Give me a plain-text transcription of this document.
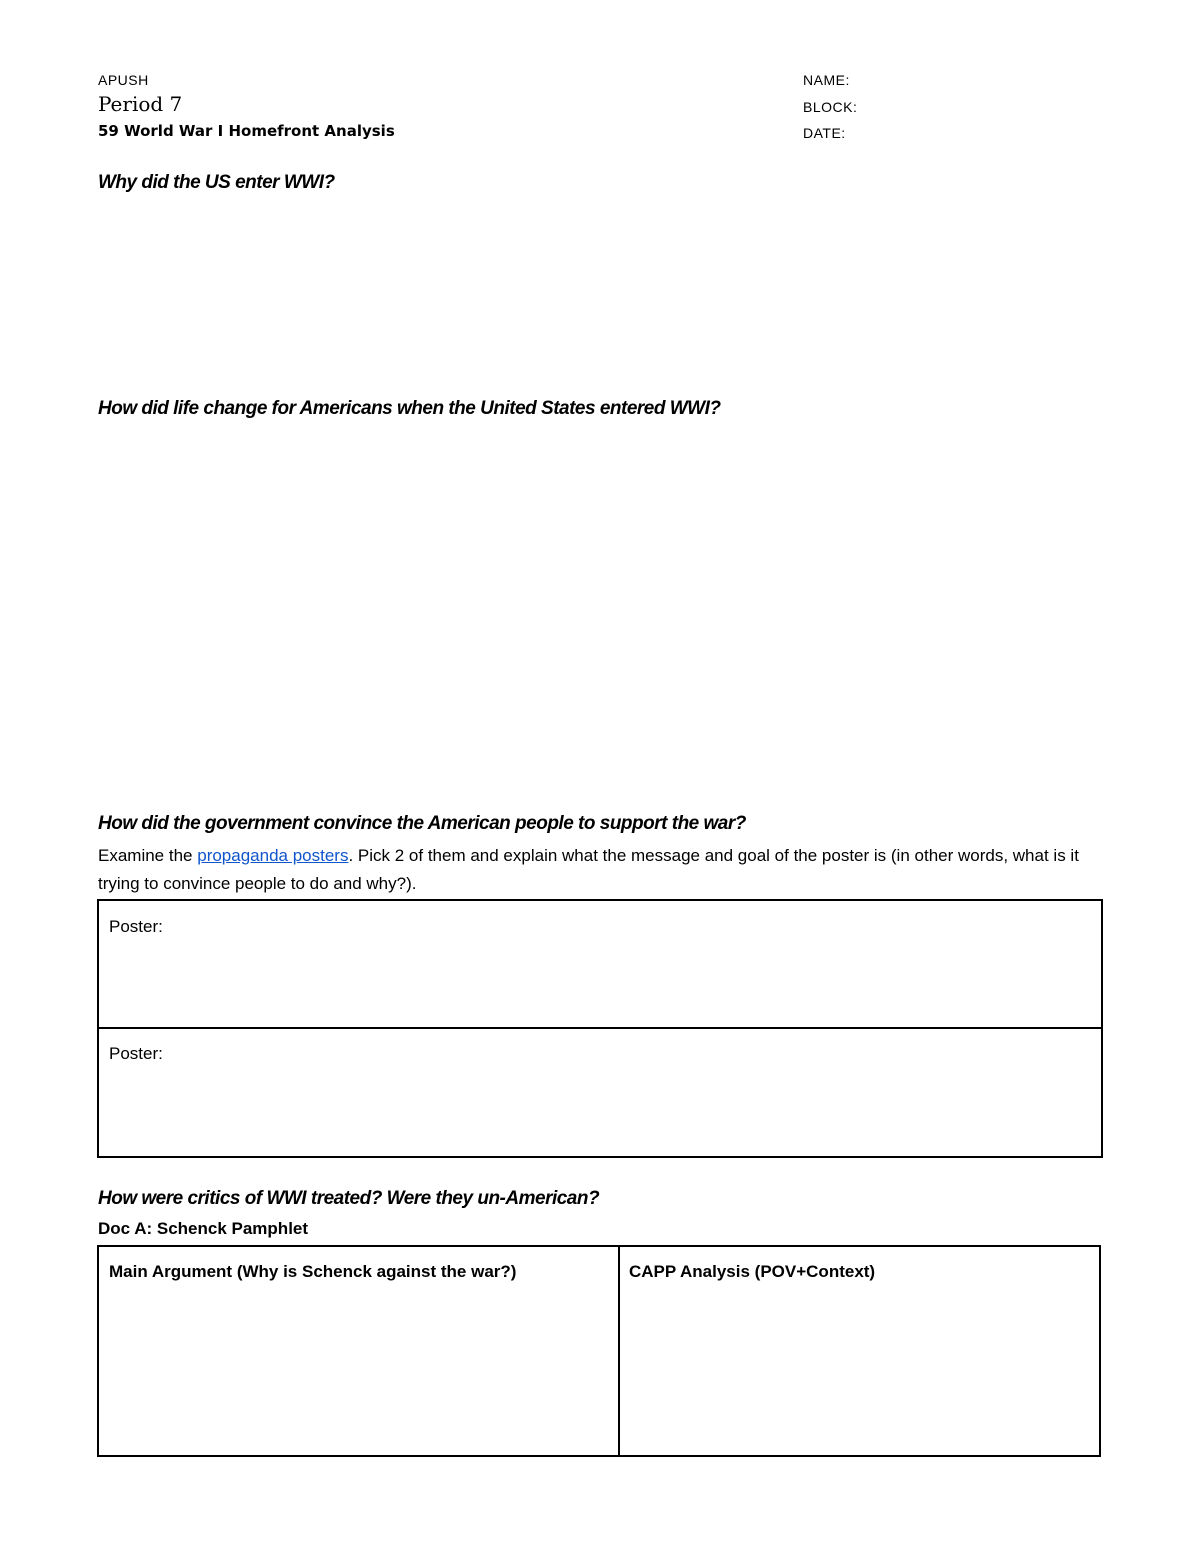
APUSH
Period 7
59 World War I Homefront Analysis
NAME:
BLOCK:
DATE:
Why did the US enter WWI?
How did life change for Americans when the United States entered WWI?
How did the government convince the American people to support the war?
Examine the propaganda posters. Pick 2 of them and explain what the message and goal of the poster is (in other words, what is it trying to convince people to do and why?).
Poster:
Poster:
How were critics of WWI treated? Were they un-American?
Doc A: Schenck Pamphlet
Main Argument (Why is Schenck against the war?)	CAPP Analysis (POV+Context)
